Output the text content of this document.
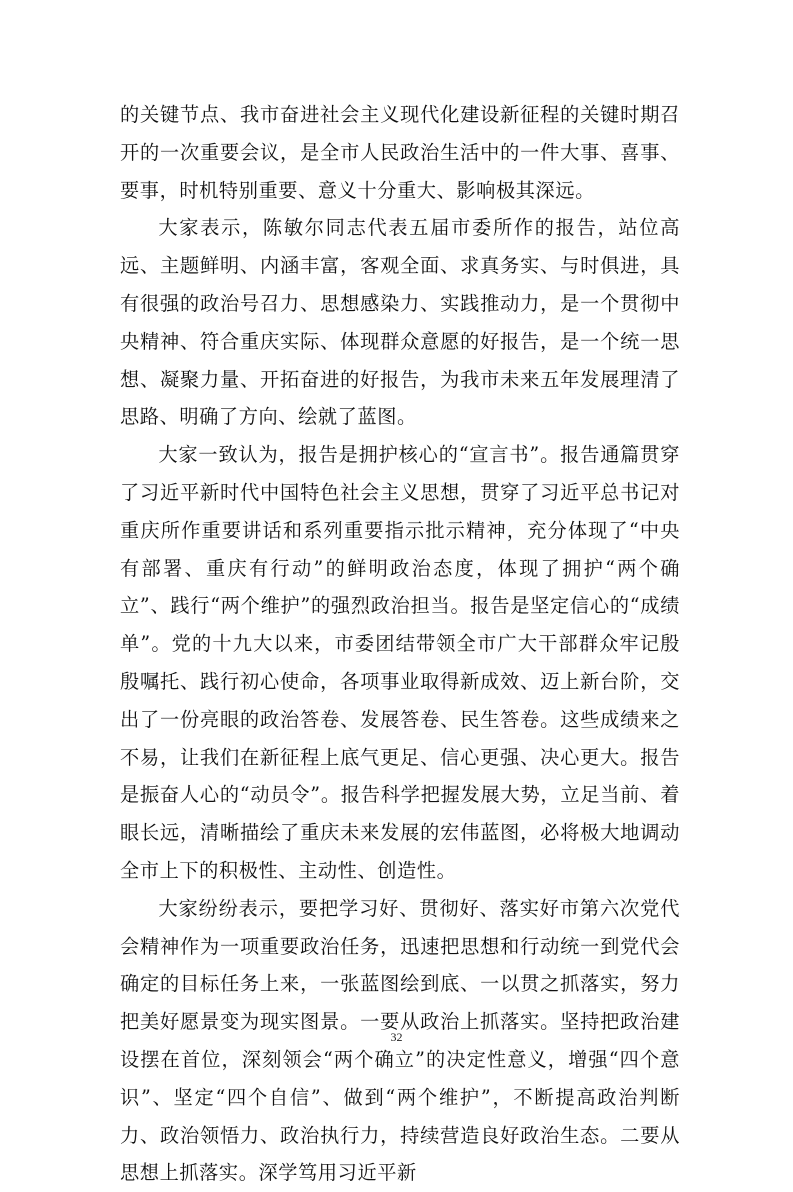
的关键节点、我市奋进社会主义现代化建设新征程的关键时期召开的一次重要会议，是全市人民政治生活中的一件大事、喜事、要事，时机特别重要、意义十分重大、影响极其深远。

大家表示，陈敏尔同志代表五届市委所作的报告，站位高远、主题鲜明、内涵丰富，客观全面、求真务实、与时俱进，具有很强的政治号召力、思想感染力、实践推动力，是一个贯彻中央精神、符合重庆实际、体现群众意愿的好报告，是一个统一思想、凝聚力量、开拓奋进的好报告，为我市未来五年发展理清了思路、明确了方向、绘就了蓝图。

大家一致认为，报告是拥护核心的“宣言书”。报告通篇贯穿了习近平新时代中国特色社会主义思想，贯穿了习近平总书记对重庆所作重要讲话和系列重要指示批示精神，充分体现了“中央有部署、重庆有行动”的鲜明政治态度，体现了拥护“两个确立”、践行“两个维护”的强烈政治担当。报告是坚定信心的“成绩单”。党的十九大以来，市委团结带领全市广大干部群众牢记殷殷嘱托、践行初心使命，各项事业取得新成效、迈上新台阶，交出了一份亮眼的政治答卷、发展答卷、民生答卷。这些成绩来之不易，让我们在新征程上底气更足、信心更强、决心更大。报告是振奋人心的“动员令”。报告科学把握发展大势，立足当前、着眼长远，清晰描绘了重庆未来发展的宏伟蓝图，必将极大地调动全市上下的积极性、主动性、创造性。

大家纷纷表示，要把学习好、贯彻好、落实好市第六次党代会精神作为一项重要政治任务，迅速把思想和行动统一到党代会确定的目标任务上来，一张蓝图绘到底、一以贯之抓落实，努力把美好愿景变为现实图景。一要从政治上抓落实。坚持把政治建设摆在首位，深刻领会“两个确立”的决定性意义，增强“四个意识”、坚定“四个自信”、做到“两个维护”，不断提高政治判断力、政治领悟力、政治执行力，持续营造良好政治生态。二要从思想上抓落实。深学笃用习近平新

32
